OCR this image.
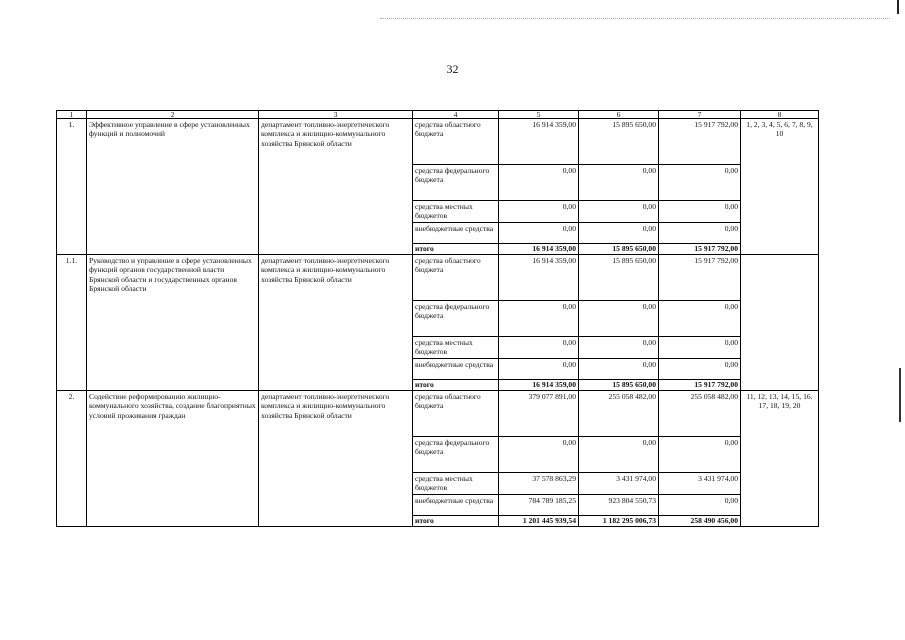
32
1	2	3	4	5	6	7	8
1.	Эффективное управление в сфере установленных функций и полномочий	департамент топливно-энергетического комплекса и жилищно-коммунального хозяйства Брянской области	средства областного бюджета	16 914 359,00	15 895 650,00	15 917 792,00	1, 2, 3, 4, 5, 6, 7, 8, 9, 10
			средства федерального бюджета	0,00	0,00	0,00	
			средства местных бюджетов	0,00	0,00	0,00	
			внебюджетные средства	0,00	0,00	0,00	
			итого	16 914 359,00	15 895 650,00	15 917 792,00	
1.1.	Руководство и управление в сфере установленных функций органов государственной власти Брянской области и государственных органов Брянской области	департамент топливно-энергетического комплекса и жилищно-коммунального хозяйства Брянской области	средства областного бюджета	16 914 359,00	15 895 650,00	15 917 792,00	
			средства федерального бюджета	0,00	0,00	0,00	
			средства местных бюджетов	0,00	0,00	0,00	
			внебюджетные средства	0,00	0,00	0,00	
			итого	16 914 359,00	15 895 650,00	15 917 792,00	
2.	Содействие реформированию жилищно-коммунального хозяйства, создание благоприятных условий проживания граждан	департамент топливно-энергетического комплекса и жилищно-коммунального хозяйства Брянской области	средства областного бюджета	379 077 891,00	255 058 482,00	255 058 482,00	11, 12, 13, 14, 15, 16. 17, 18, 19, 20
			средства федерального бюджета	0,00	0,00	0,00	
			средства местных бюджетов	37 578 863,29	3 431 974,00	3 431 974,00	
			внебюджетные средства	784 789 185,25	923 804 550,73	0,00	
			итого	1 201 445 939,54	1 182 295 006,73	258 490 456,00	
